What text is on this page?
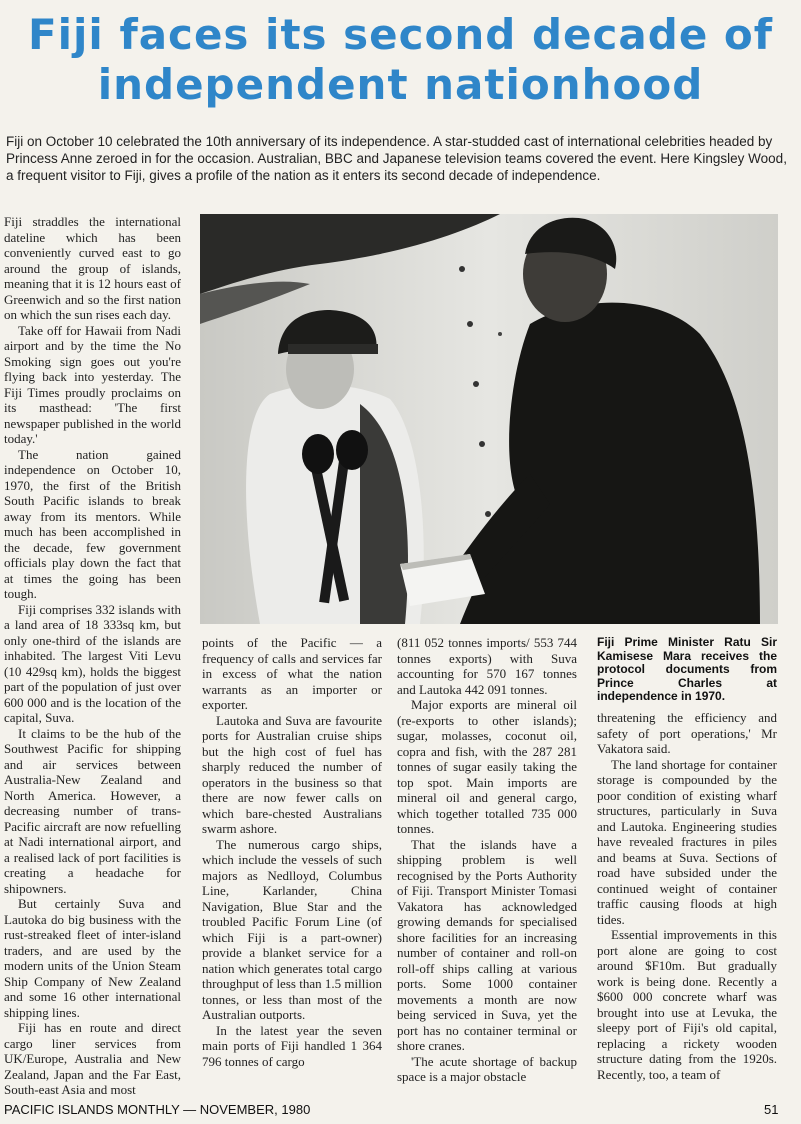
Fiji faces its second decade of
independent nationhood
Fiji on October 10 celebrated the 10th anniversary of its independence. A star-studded cast of international celebrities headed by Princess Anne zeroed in for the occasion. Australian, BBC and Japanese television teams covered the event. Here Kingsley Wood, a frequent visitor to Fiji, gives a profile of the nation as it enters its second decade of independence.

Fiji straddles the international dateline which has been conveniently curved east to go around the group of islands, meaning that it is 12 hours east of Greenwich and so the first nation on which the sun rises each day.

Take off for Hawaii from Nadi airport and by the time the No Smoking sign goes out you're flying back into yesterday. The Fiji Times proudly proclaims on its masthead: 'The first newspaper published in the world today.'

The nation gained independence on October 10, 1970, the first of the British South Pacific islands to break away from its mentors. While much has been accomplished in the decade, few government officials play down the fact that at times the going has been tough.

Fiji comprises 332 islands with a land area of 18 333sq km, but only one-third of the islands are inhabited. The largest Viti Levu (10 429sq km), holds the biggest part of the population of just over 600 000 and is the location of the capital, Suva.

It claims to be the hub of the Southwest Pacific for shipping and air services between Australia-New Zealand and North America. However, a decreasing number of trans-Pacific aircraft are now refuelling at Nadi international airport, and a realised lack of port facilities is creating a headache for shipowners.

But certainly Suva and Lautoka do big business with the rust-streaked fleet of inter-island traders, and are used by the modern units of the Union Steam Ship Company of New Zealand and some 16 other international shipping lines.

Fiji has en route and direct cargo liner services from UK/Europe, Australia and New Zealand, Japan and the Far East, South-east Asia and most

points of the Pacific — a frequency of calls and services far in excess of what the nation warrants as an importer or exporter.

Lautoka and Suva are favourite ports for Australian cruise ships but the high cost of fuel has sharply reduced the number of operators in the business so that there are now fewer calls on which bare-chested Australians swarm ashore.

The numerous cargo ships, which include the vessels of such majors as Nedlloyd, Columbus Line, Karlander, China Navigation, Blue Star and the troubled Pacific Forum Line (of which Fiji is a part-owner) provide a blanket service for a nation which generates total cargo throughput of less than 1.5 million tonnes, or less than most of the Australian outports.

In the latest year the seven main ports of Fiji handled 1 364 796 tonnes of cargo

(811 052 tonnes imports/ 553 744 tonnes exports) with Suva accounting for 570 167 tonnes and Lautoka 442 091 tonnes.

Major exports are mineral oil (re-exports to other islands); sugar, molasses, coconut oil, copra and fish, with the 287 281 tonnes of sugar easily taking the top spot. Main imports are mineral oil and general cargo, which together totalled 735 000 tonnes.

That the islands have a shipping problem is well recognised by the Ports Authority of Fiji. Transport Minister Tomasi Vakatora has acknowledged growing demands for specialised shore facilities for an increasing number of container and roll-on roll-off ships calling at various ports. Some 1000 container movements a month are now being serviced in Suva, yet the port has no container terminal or shore cranes.

'The acute shortage of backup space is a major obstacle

Fiji Prime Minister Ratu Sir Kamisese Mara receives the protocol documents from Prince Charles at independence in 1970.

threatening the efficiency and safety of port operations,' Mr Vakatora said.

The land shortage for container storage is compounded by the poor condition of existing wharf structures, particularly in Suva and Lautoka. Engineering studies have revealed fractures in piles and beams at Suva. Sections of road have subsided under the continued weight of container traffic causing floods at high tides.

Essential improvements in this port alone are going to cost around $F10m. But gradually work is being done. Recently a $600 000 concrete wharf was brought into use at Levuka, the sleepy port of Fiji's old capital, replacing a rickety wooden structure dating from the 1920s. Recently, too, a team of

PACIFIC ISLANDS MONTHLY — NOVEMBER, 1980	51
